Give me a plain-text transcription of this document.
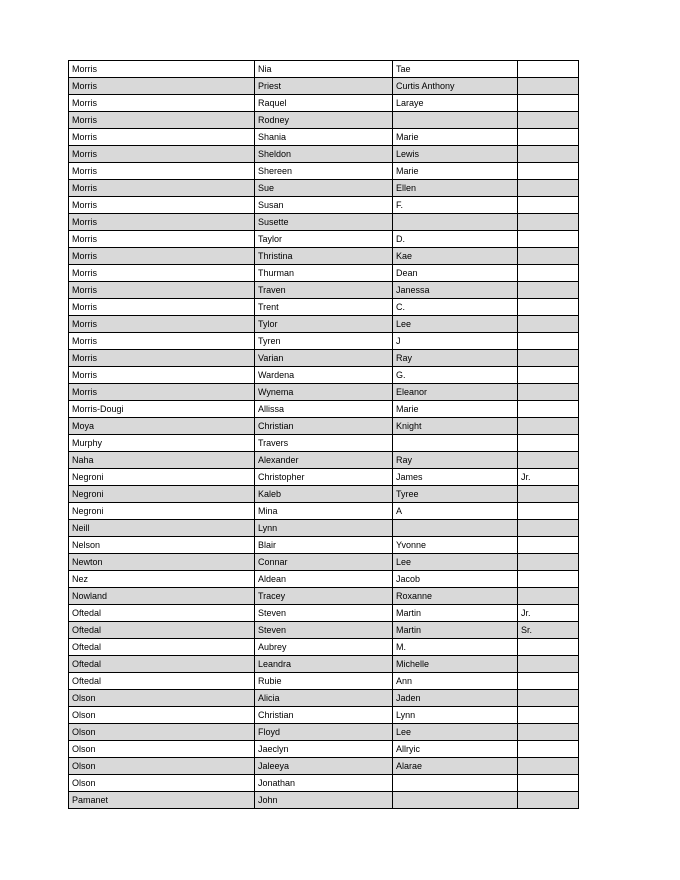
Morris	Nia	Tae	
Morris	Priest	Curtis Anthony	
Morris	Raquel	Laraye	
Morris	Rodney		
Morris	Shania	Marie	
Morris	Sheldon	Lewis	
Morris	Shereen	Marie	
Morris	Sue	Ellen	
Morris	Susan	F.	
Morris	Susette		
Morris	Taylor	D.	
Morris	Thristina	Kae	
Morris	Thurman	Dean	
Morris	Traven	Janessa	
Morris	Trent	C.	
Morris	Tylor	Lee	
Morris	Tyren	J	
Morris	Varian	Ray	
Morris	Wardena	G.	
Morris	Wynema	Eleanor	
Morris-Dougi	Allissa	Marie	
Moya	Christian	Knight	
Murphy	Travers		
Naha	Alexander	Ray	
Negroni	Christopher	James	Jr.
Negroni	Kaleb	Tyree	
Negroni	Mina	A	
Neill	Lynn		
Nelson	Blair	Yvonne	
Newton	Connar	Lee	
Nez	Aldean	Jacob	
Nowland	Tracey	Roxanne	
Oftedal	Steven	Martin	Jr.
Oftedal	Steven	Martin	Sr.
Oftedal	Aubrey	M.	
Oftedal	Leandra	Michelle	
Oftedal	Rubie	Ann	
Olson	Alicia	Jaden	
Olson	Christian	Lynn	
Olson	Floyd	Lee	
Olson	Jaeclyn	Allryic	
Olson	Jaleeya	Alarae	
Olson	Jonathan		
Pamanet	John		
